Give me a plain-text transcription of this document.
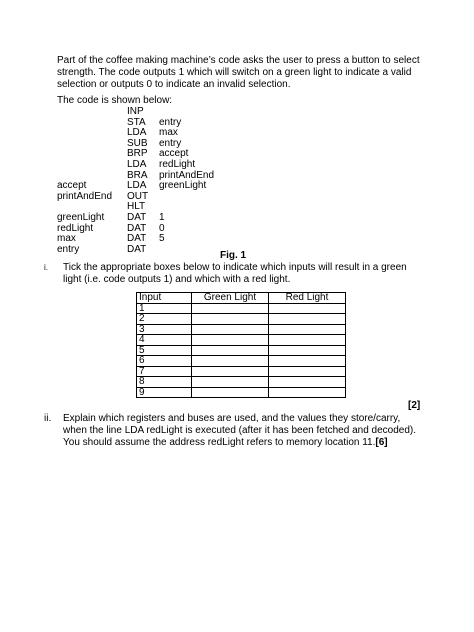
Part of the coffee making machine’s code asks the user to press a button to select strength. The code outputs 1 which will switch on a green light to indicate a valid selection or outputs 0 to indicate an invalid selection.
The code is shown below:
INP
STA	entry
LDA	max
SUB	entry
BRP	accept
LDA	redLight
BRA	printAndEnd
accept	LDA	greenLight
printAndEnd	OUT
HLT
greenLight	DAT	1
redLight	DAT	0
max	DAT	5
entry	DAT
Fig. 1
i. Tick the appropriate boxes below to indicate which inputs will result in a green light (i.e. code outputs 1) and which with a red light.
Input	Green Light	Red Light
1		
2		
3		
4		
5		
6		
7		
8		
9		
[2]
ii. Explain which registers and buses are used, and the values they store/carry, when the line LDA redLight is executed (after it has been fetched and decoded). You should assume the address redLight refers to memory location 11.[6]
